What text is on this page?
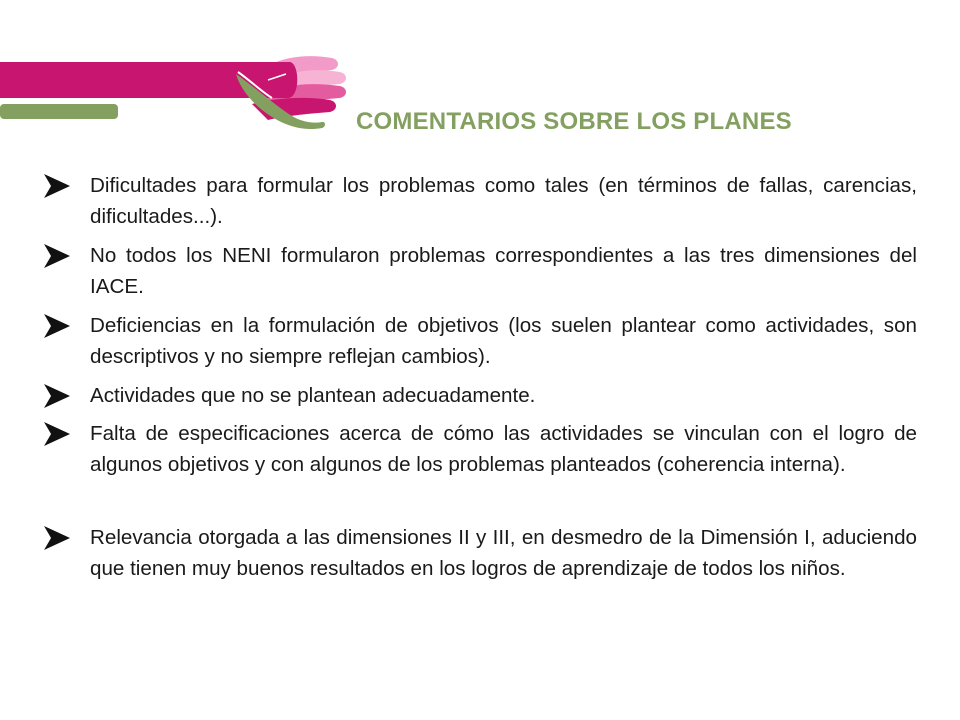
COMENTARIOS SOBRE LOS PLANES
Dificultades para formular los problemas como tales (en términos de fallas, carencias, dificultades...).
No todos los NENI formularon problemas correspondientes a las tres dimensiones del IACE.
Deficiencias en la formulación de objetivos (los suelen plantear como actividades, son descriptivos y no siempre reflejan cambios).
Actividades que no se plantean adecuadamente.
Falta de especificaciones acerca de cómo las actividades se vinculan con el logro de algunos objetivos y con algunos de los problemas planteados (coherencia interna).
Relevancia otorgada a las dimensiones II y III, en desmedro de la Dimensión I, aduciendo que tienen muy buenos resultados en los logros de aprendizaje de todos los niños.
